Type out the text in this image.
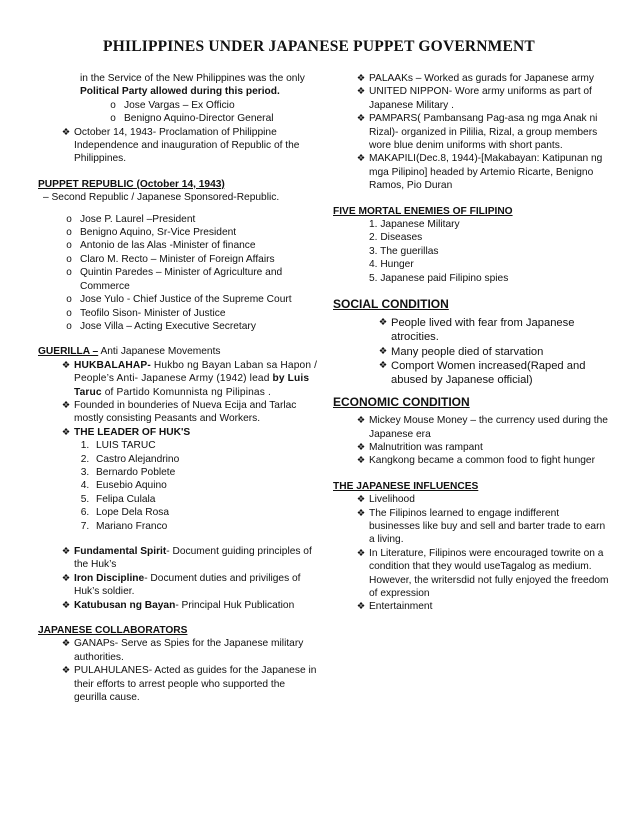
PHILIPPINES UNDER JAPANESE PUPPET GOVERNMENT

in the Service of the New Philippines was the only

Political Party allowed during this period.

o Jose Vargas – Ex Officio
o Benigno Aquino-Director General
❖ October 14, 1943- Proclamation of Philippine Independence and inauguration of Republic of the Philippines.

PUPPET REPUBLIC (October 14, 1943)

– Second Republic / Japanese Sponsored-Republic.

o Jose P. Laurel –President
o Benigno Aquino, Sr-Vice President
o Antonio de las Alas -Minister of finance
o Claro M. Recto – Minister of Foreign Affairs
o Quintin Paredes – Minister of Agriculture and Commerce
o Jose Yulo - Chief Justice of the Supreme Court
o Teofilo Sison- Minister of Justice
o Jose Villa – Acting Executive Secretary

GUERILLA – Anti Japanese Movements

❖ HUKBALAHAP- Hukbo ng Bayan Laban sa Hapon / People’s Anti- Japanese Army (1942) lead by Luis Taruc of Partido Komunnista ng Pilipinas .
❖ Founded in bounderies of Nueva Ecija and Tarlac mostly consisting Peasants and Workers.
❖ THE LEADER OF HUK'S
1. LUIS TARUC
2. Castro Alejandrino
3. Bernardo Poblete
4. Eusebio Aquino
5. Felipa Culala
6. Lope Dela Rosa
7. Mariano Franco
❖ Fundamental Spirit- Document guiding principles of the Huk’s
❖ Iron Discipline- Document duties and priviliges of Huk’s soldier.
❖ Katubusan ng Bayan- Principal Huk Publication

JAPANESE COLLABORATORS

❖ GANAPs- Serve as Spies for the Japanese military authorities.
❖ PULAHULANES- Acted as guides for the Japanese in their efforts to arrest people who supported the geurilla cause.
❖ PALAAKs – Worked as gurads for Japanese army
❖ UNITED NIPPON- Wore army uniforms as part of Japanese Military .
❖ PAMPARS( Pambansang Pag-asa ng mga Anak ni Rizal)- organized in Pililia, Rizal, a group members wore blue denim uniforms with short pants.
❖ MAKAPILI(Dec.8, 1944)-[Makabayan: Katipunan ng mga Pilipino] headed by Artemio Ricarte, Benigno Ramos, Pio Duran

FIVE MORTAL ENEMIES OF FILIPINO

1. Japanese Military

2. Diseases

3. The guerillas

4. Hunger

5. Japanese paid Filipino spies

SOCIAL CONDITION

❖ People lived with fear from Japanese atrocities.
❖ Many people died of starvation
❖ Comport Women increased(Raped and abused by Japanese official)

ECONOMIC CONDITION

❖ Mickey Mouse Money – the currency used during the Japanese era
❖ Malnutrition was rampant
❖ Kangkong became a common food to fight hunger

THE JAPANESE INFLUENCES

❖ Livelihood
❖ The Filipinos learned to engage indifferent businesses like buy and sell and barter trade to earn a living.
❖ In Literature, Filipinos were encouraged towrite on a condition that they would useTagalog as medium. However, the writersdid not fully enjoyed the freedom of expression
❖ Entertainment
